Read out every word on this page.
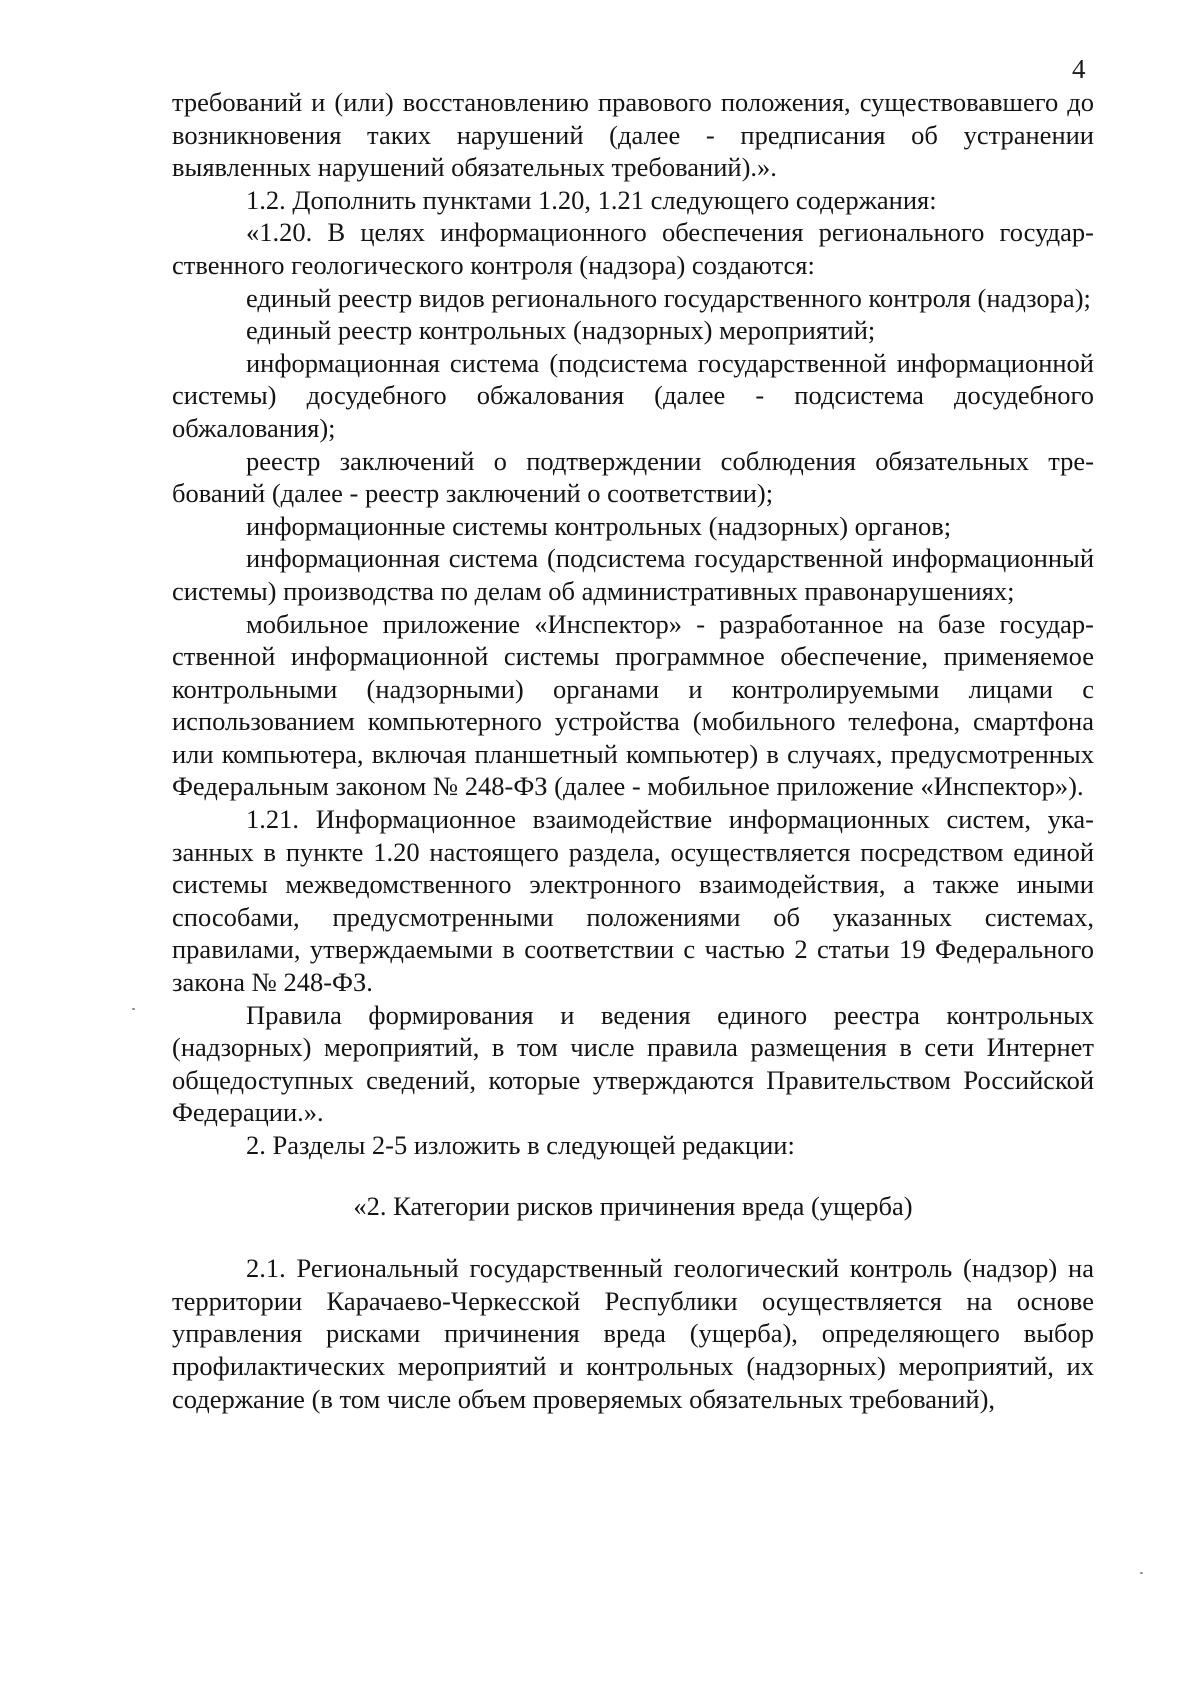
4

требований и (или) восстановлению правового положения, существовавшего до возникновения таких нарушений (далее - предписания об устранении выявленных нарушений обязательных требований).».

1.2. Дополнить пунктами 1.20, 1.21 следующего содержания:

«1.20. В целях информационного обеспечения регионального государственного геологического контроля (надзора) создаются:

единый реестр видов регионального государственного контроля (надзора);

единый реестр контрольных (надзорных) мероприятий;

информационная система (подсистема государственной информационной системы) досудебного обжалования (далее - подсистема досудебного обжалования);

реестр заключений о подтверждении соблюдения обязательных требований (далее - реестр заключений о соответствии);

информационные системы контрольных (надзорных) органов;

информационная система (подсистема государственной информационный системы) производства по делам об административных правонарушениях;

мобильное приложение «Инспектор» - разработанное на базе государственной информационной системы программное обеспечение, применяемое контрольными (надзорными) органами и контролируемыми лицами с использованием компьютерного устройства (мобильного телефона, смартфона или компьютера, включая планшетный компьютер) в случаях, предусмотренных Федеральным законом № 248-ФЗ (далее - мобильное приложение «Инспектор»).

1.21. Информационное взаимодействие информационных систем, указанных в пункте 1.20 настоящего раздела, осуществляется посредством единой системы межведомственного электронного взаимодействия, а также иными способами, предусмотренными положениями об указанных системах, правилами, утверждаемыми в соответствии с частью 2 статьи 19 Федерального закона № 248-ФЗ.

Правила формирования и ведения единого реестра контрольных (надзорных) мероприятий, в том числе правила размещения в сети Интернет общедоступных сведений, которые утверждаются Правительством Российской Федерации.».

2. Разделы 2-5 изложить в следующей редакции:

«2. Категории рисков причинения вреда (ущерба)

2.1. Региональный государственный геологический контроль (надзор) на территории Карачаево-Черкесской Республики осуществляется на основе управления рисками причинения вреда (ущерба), определяющего выбор профилактических мероприятий и контрольных (надзорных) мероприятий, их содержание (в том числе объем проверяемых обязательных требований),
